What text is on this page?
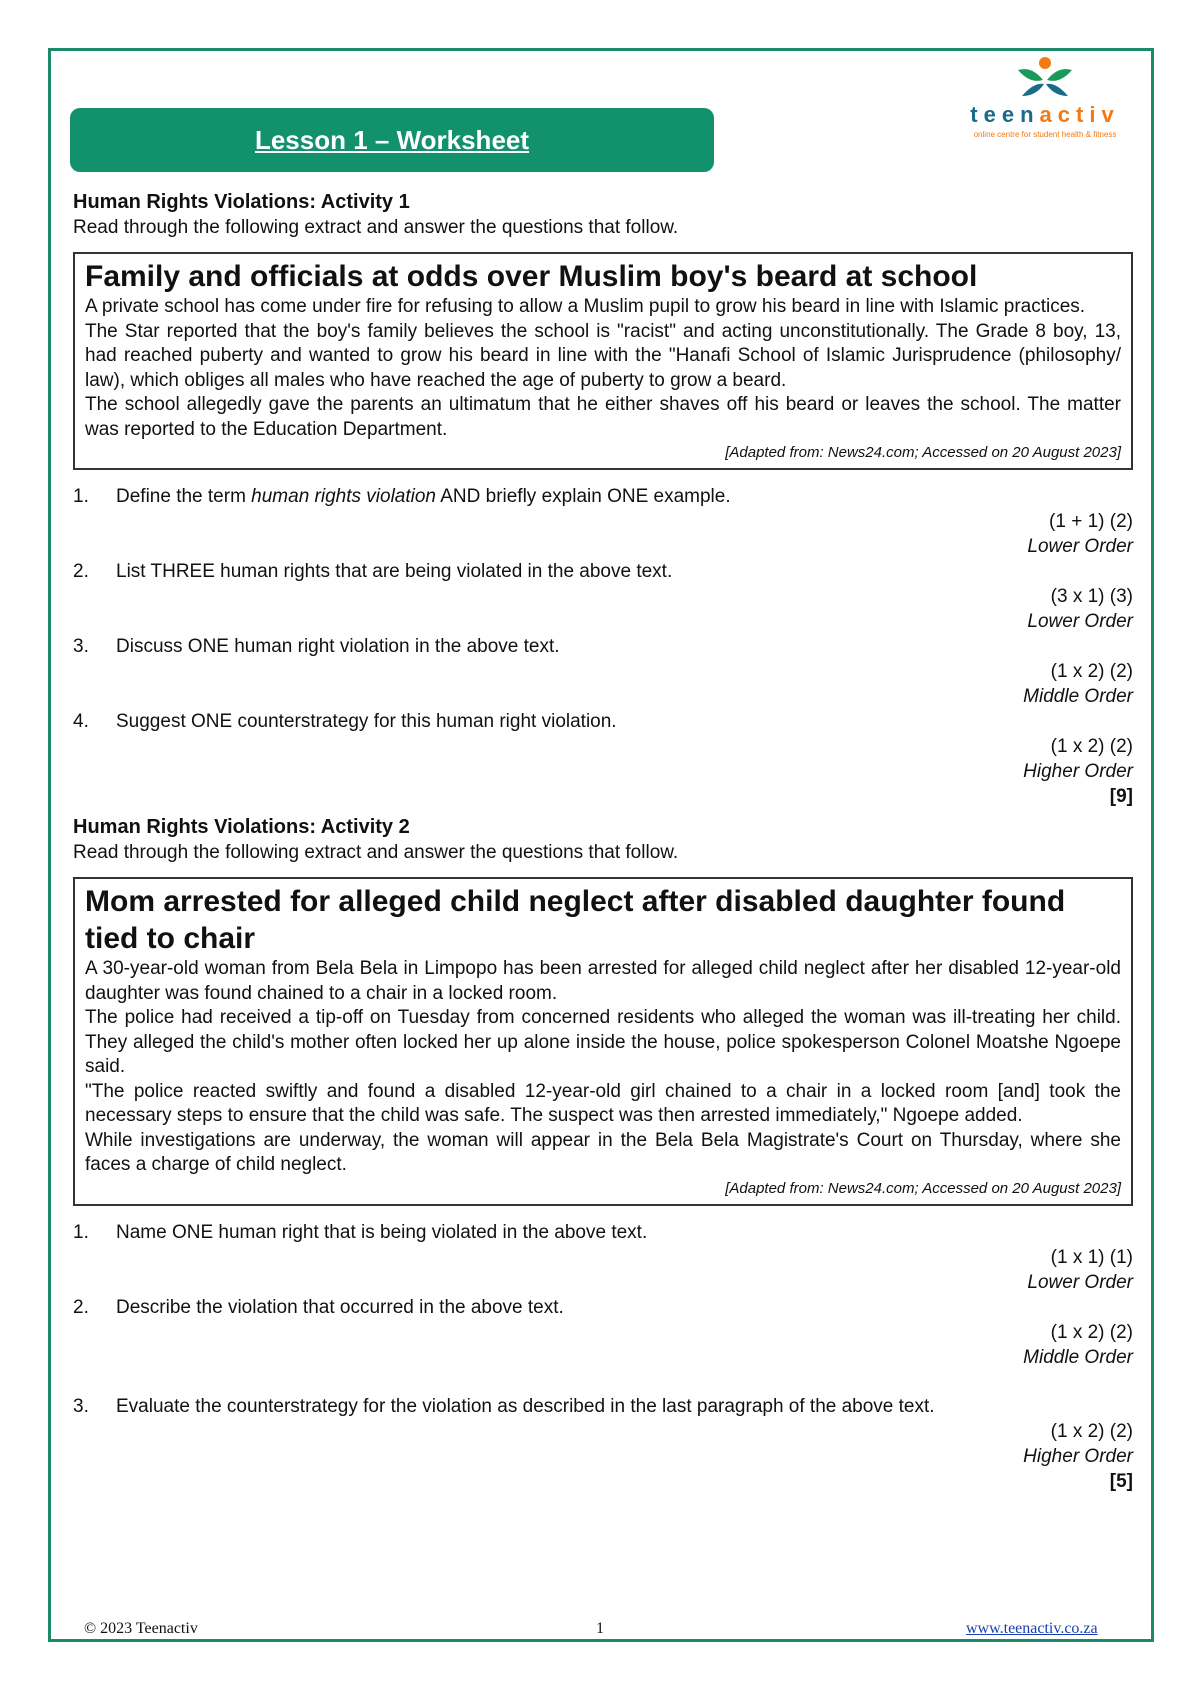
Lesson 1 – Worksheet
teenactiv
online centre for student health & fitness
Human Rights Violations: Activity 1
Read through the following extract and answer the questions that follow.
Family and officials at odds over Muslim boy's beard at school

A private school has come under fire for refusing to allow a Muslim pupil to grow his beard in line with Islamic practices.

The Star reported that the boy's family believes the school is "racist" and acting unconstitutionally. The Grade 8 boy, 13, had reached puberty and wanted to grow his beard in line with the "Hanafi School of Islamic Jurisprudence (philosophy/ law), which obliges all males who have reached the age of puberty to grow a beard.

The school allegedly gave the parents an ultimatum that he either shaves off his beard or leaves the school. The matter was reported to the Education Department.

[Adapted from: News24.com; Accessed on 20 August 2023]
1.	Define the term human rights violation AND briefly explain ONE example.
(1 + 1) (2)
Lower Order
2.	List THREE human rights that are being violated in the above text.
(3 x 1) (3)
Lower Order
3.	Discuss ONE human right violation in the above text.
(1 x 2) (2)
Middle Order
4.	Suggest ONE counterstrategy for this human right violation.
(1 x 2) (2)
Higher Order
[9]
Human Rights Violations: Activity 2
Read through the following extract and answer the questions that follow.
Mom arrested for alleged child neglect after disabled daughter found tied to chair

A 30-year-old woman from Bela Bela in Limpopo has been arrested for alleged child neglect after her disabled 12-year-old daughter was found chained to a chair in a locked room.

The police had received a tip-off on Tuesday from concerned residents who alleged the woman was ill-treating her child. They alleged the child's mother often locked her up alone inside the house, police spokesperson Colonel Moatshe Ngoepe said.

"The police reacted swiftly and found a disabled 12-year-old girl chained to a chair in a locked room [and] took the necessary steps to ensure that the child was safe. The suspect was then arrested immediately," Ngoepe added.

While investigations are underway, the woman will appear in the Bela Bela Magistrate's Court on Thursday, where she faces a charge of child neglect.

[Adapted from: News24.com; Accessed on 20 August 2023]
1.	Name ONE human right that is being violated in the above text.
(1 x 1) (1)
Lower Order
2.	Describe the violation that occurred in the above text.
(1 x 2) (2)
Middle Order
3.	Evaluate the counterstrategy for the violation as described in the last paragraph of the above text.
(1 x 2) (2)
Higher Order
[5]
© 2023 Teenactiv	1	www.teenactiv.co.za
